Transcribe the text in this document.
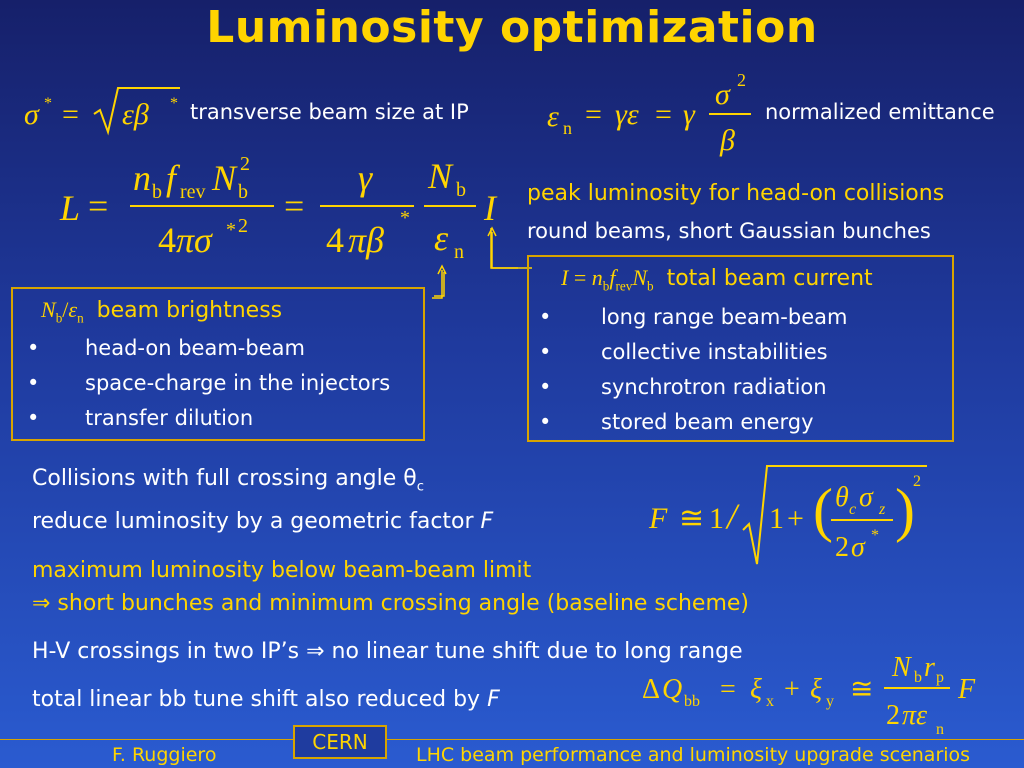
Luminosity optimization
σ * = εβ * transverse beam size at IP	ε n = γε = γ
σ 2
β
normalized emittance
L =
n b f rev N 2
b
4 πσ * 2 =
γ
4 πβ
*
N b
ε n
I peak luminosity for head-on collisions
round beams, short Gaussian bunches
$N_b/\varepsilon_n$ beam brightness
• head-on beam-beam
• space-charge in the injectors
• transfer dilution
$I = n_bf_{rev}N_b$ total beam current
• long range beam-beam
• collective instabilities
• synchrotron radiation
• stored beam energy
Collisions with full crossing angle $\theta_c$
reduce luminosity by a geometric factor F	F ≅ 1 / 1 + ( θ c σ z
2 σ * )
2
maximum luminosity below beam-beam limit
⇒ short bunches and minimum crossing angle (baseline scheme)
H-V crossings in two IP’s ⇒ no linear tune shift due to long range
total linear bb tune shift also reduced by F	Δ Q bb = ξ x + ξ y ≅
N b r p
2 πε n
F
F. Ruggiero
CERN
LHC beam performance and luminosity upgrade scenarios
